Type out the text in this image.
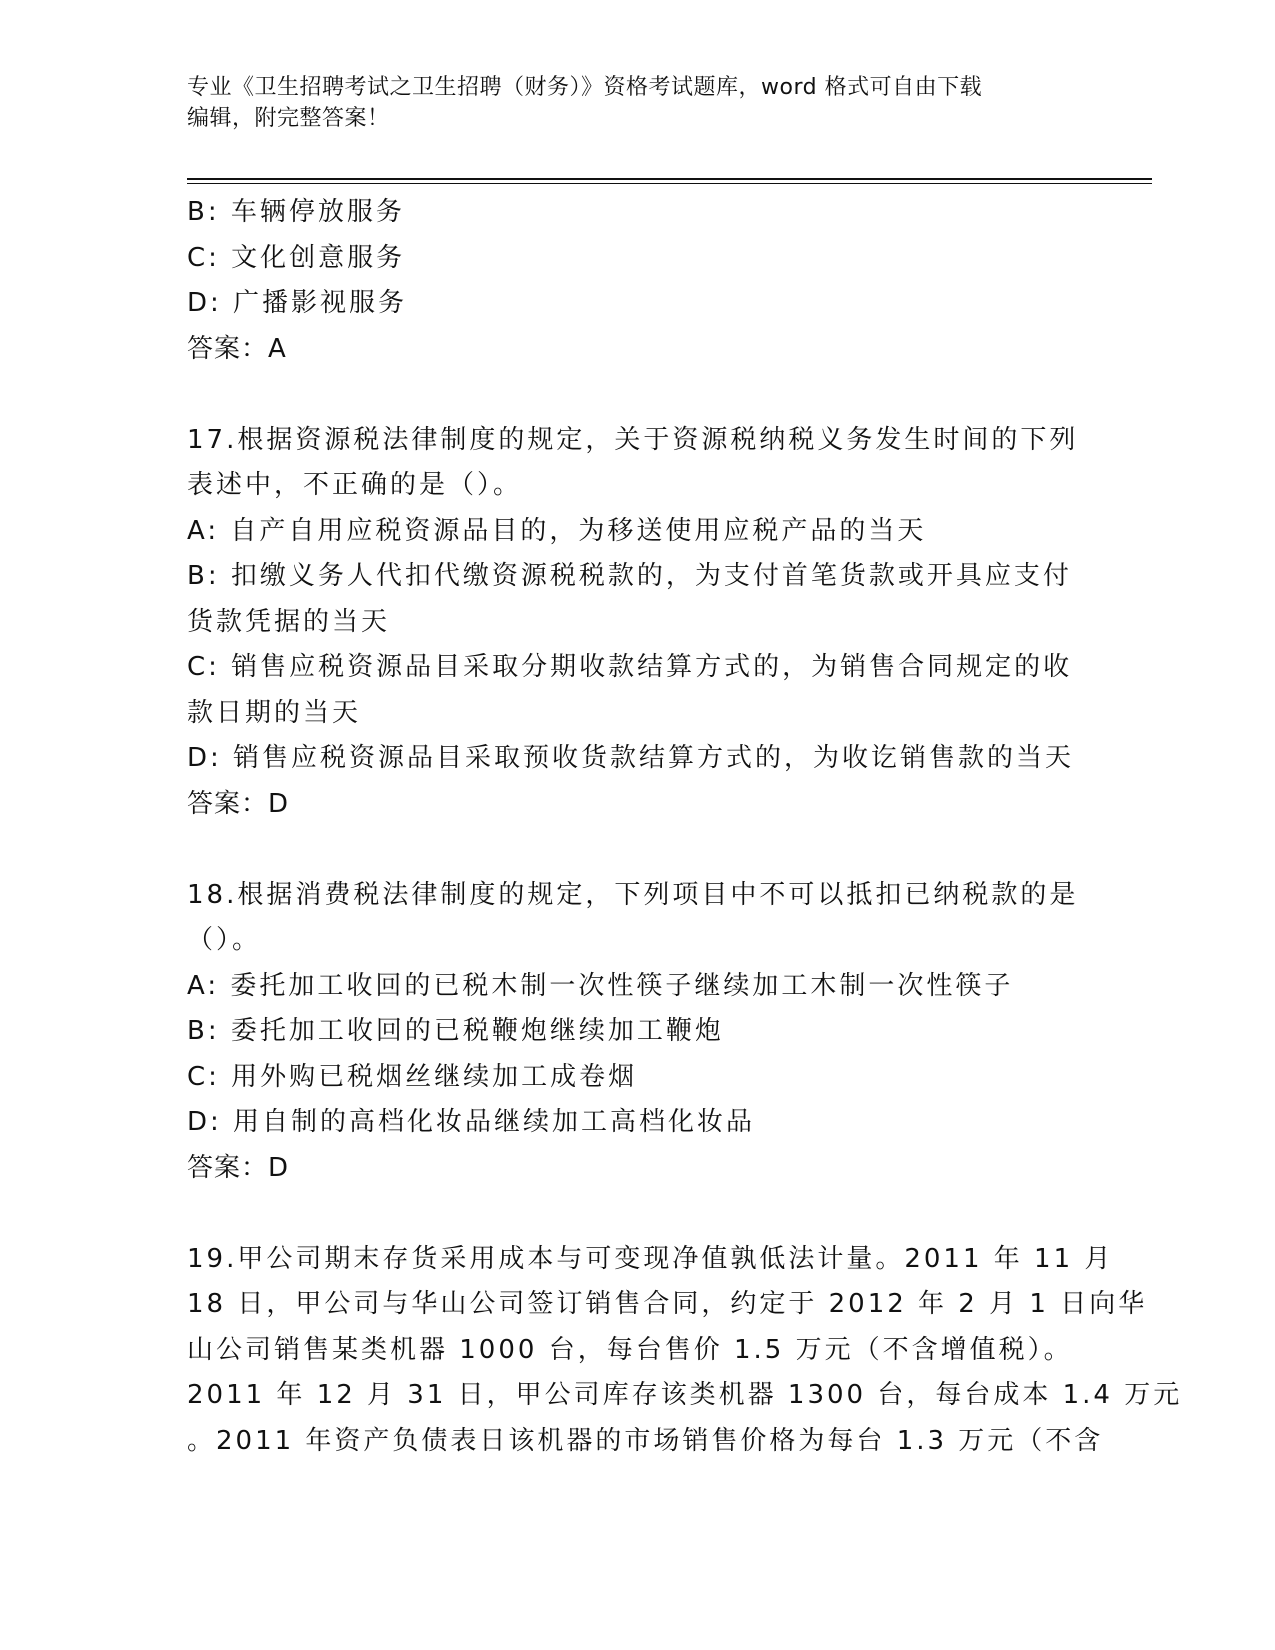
专业《卫生招聘考试之卫生招聘（财务）》资格考试题库，word 格式可自由下载
编辑，附完整答案！
B: 车辆停放服务
C: 文化创意服务
D: 广播影视服务
答案：A
17.根据资源税法律制度的规定，关于资源税纳税义务发生时间的下列
表述中，不正确的是（）。
A: 自产自用应税资源品目的，为移送使用应税产品的当天
B: 扣缴义务人代扣代缴资源税税款的，为支付首笔货款或开具应支付
货款凭据的当天
C: 销售应税资源品目采取分期收款结算方式的，为销售合同规定的收
款日期的当天
D: 销售应税资源品目采取预收货款结算方式的，为收讫销售款的当天
答案：D
18.根据消费税法律制度的规定，下列项目中不可以抵扣已纳税款的是
（）。
A: 委托加工收回的已税木制一次性筷子继续加工木制一次性筷子
B: 委托加工收回的已税鞭炮继续加工鞭炮
C: 用外购已税烟丝继续加工成卷烟
D: 用自制的高档化妆品继续加工高档化妆品
答案：D
19.甲公司期末存货采用成本与可变现净值孰低法计量。2011 年 11 月
18 日，甲公司与华山公司签订销售合同，约定于 2012 年 2 月 1 日向华
山公司销售某类机器 1000 台，每台售价 1.5 万元（不含增值税）。
2011 年 12 月 31 日，甲公司库存该类机器 1300 台，每台成本 1.4 万元
。2011 年资产负债表日该机器的市场销售价格为每台 1.3 万元（不含
